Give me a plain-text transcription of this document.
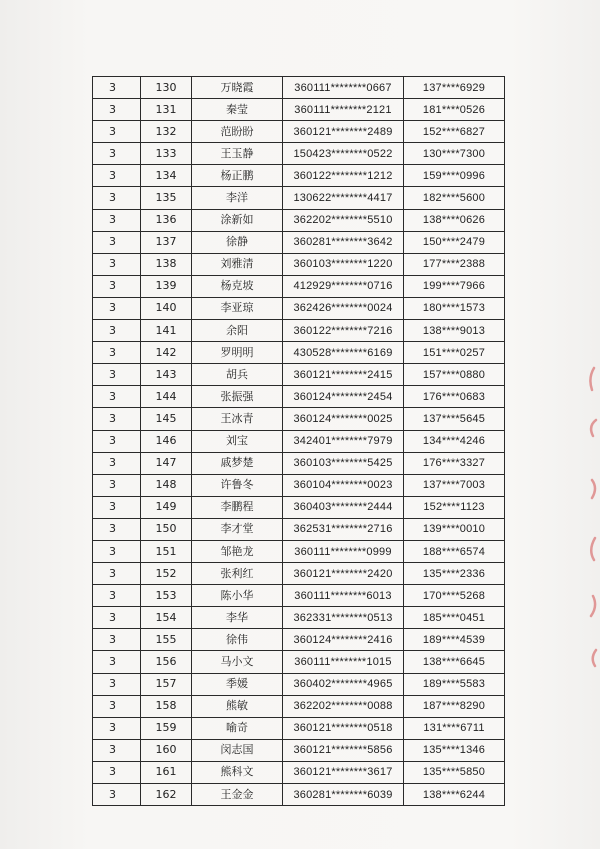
3	130	万晓霞	360111********0667	137****6929
3	131	秦莹	360111********2121	181****0526
3	132	范盼盼	360121********2489	152****6827
3	133	王玉静	150423********0522	130****7300
3	134	杨正鹏	360122********1212	159****0996
3	135	李洋	130622********4417	182****5600
3	136	涂新如	362202********5510	138****0626
3	137	徐静	360281********3642	150****2479
3	138	刘雅清	360103********1220	177****2388
3	139	杨克坡	412929********0716	199****7966
3	140	李亚琼	362426********0024	180****1573
3	141	余阳	360122********7216	138****9013
3	142	罗明明	430528********6169	151****0257
3	143	胡兵	360121********2415	157****0880
3	144	张振强	360124********2454	176****0683
3	145	王冰青	360124********0025	137****5645
3	146	刘宝	342401********7979	134****4246
3	147	戚梦楚	360103********5425	176****3327
3	148	许鲁冬	360104********0023	137****7003
3	149	李鹏程	360403********2444	152****1123
3	150	李才堂	362531********2716	139****0010
3	151	邹艳龙	360111********0999	188****6574
3	152	张利红	360121********2420	135****2336
3	153	陈小华	360111********6013	170****5268
3	154	李华	362331********0513	185****0451
3	155	徐伟	360124********2416	189****4539
3	156	马小文	360111********1015	138****6645
3	157	季媛	360402********4965	189****5583
3	158	熊敏	362202********0088	187****8290
3	159	喻奇	360121********0518	131****6711
3	160	闵志国	360121********5856	135****1346
3	161	熊科文	360121********3617	135****5850
3	162	王金金	360281********6039	138****6244
